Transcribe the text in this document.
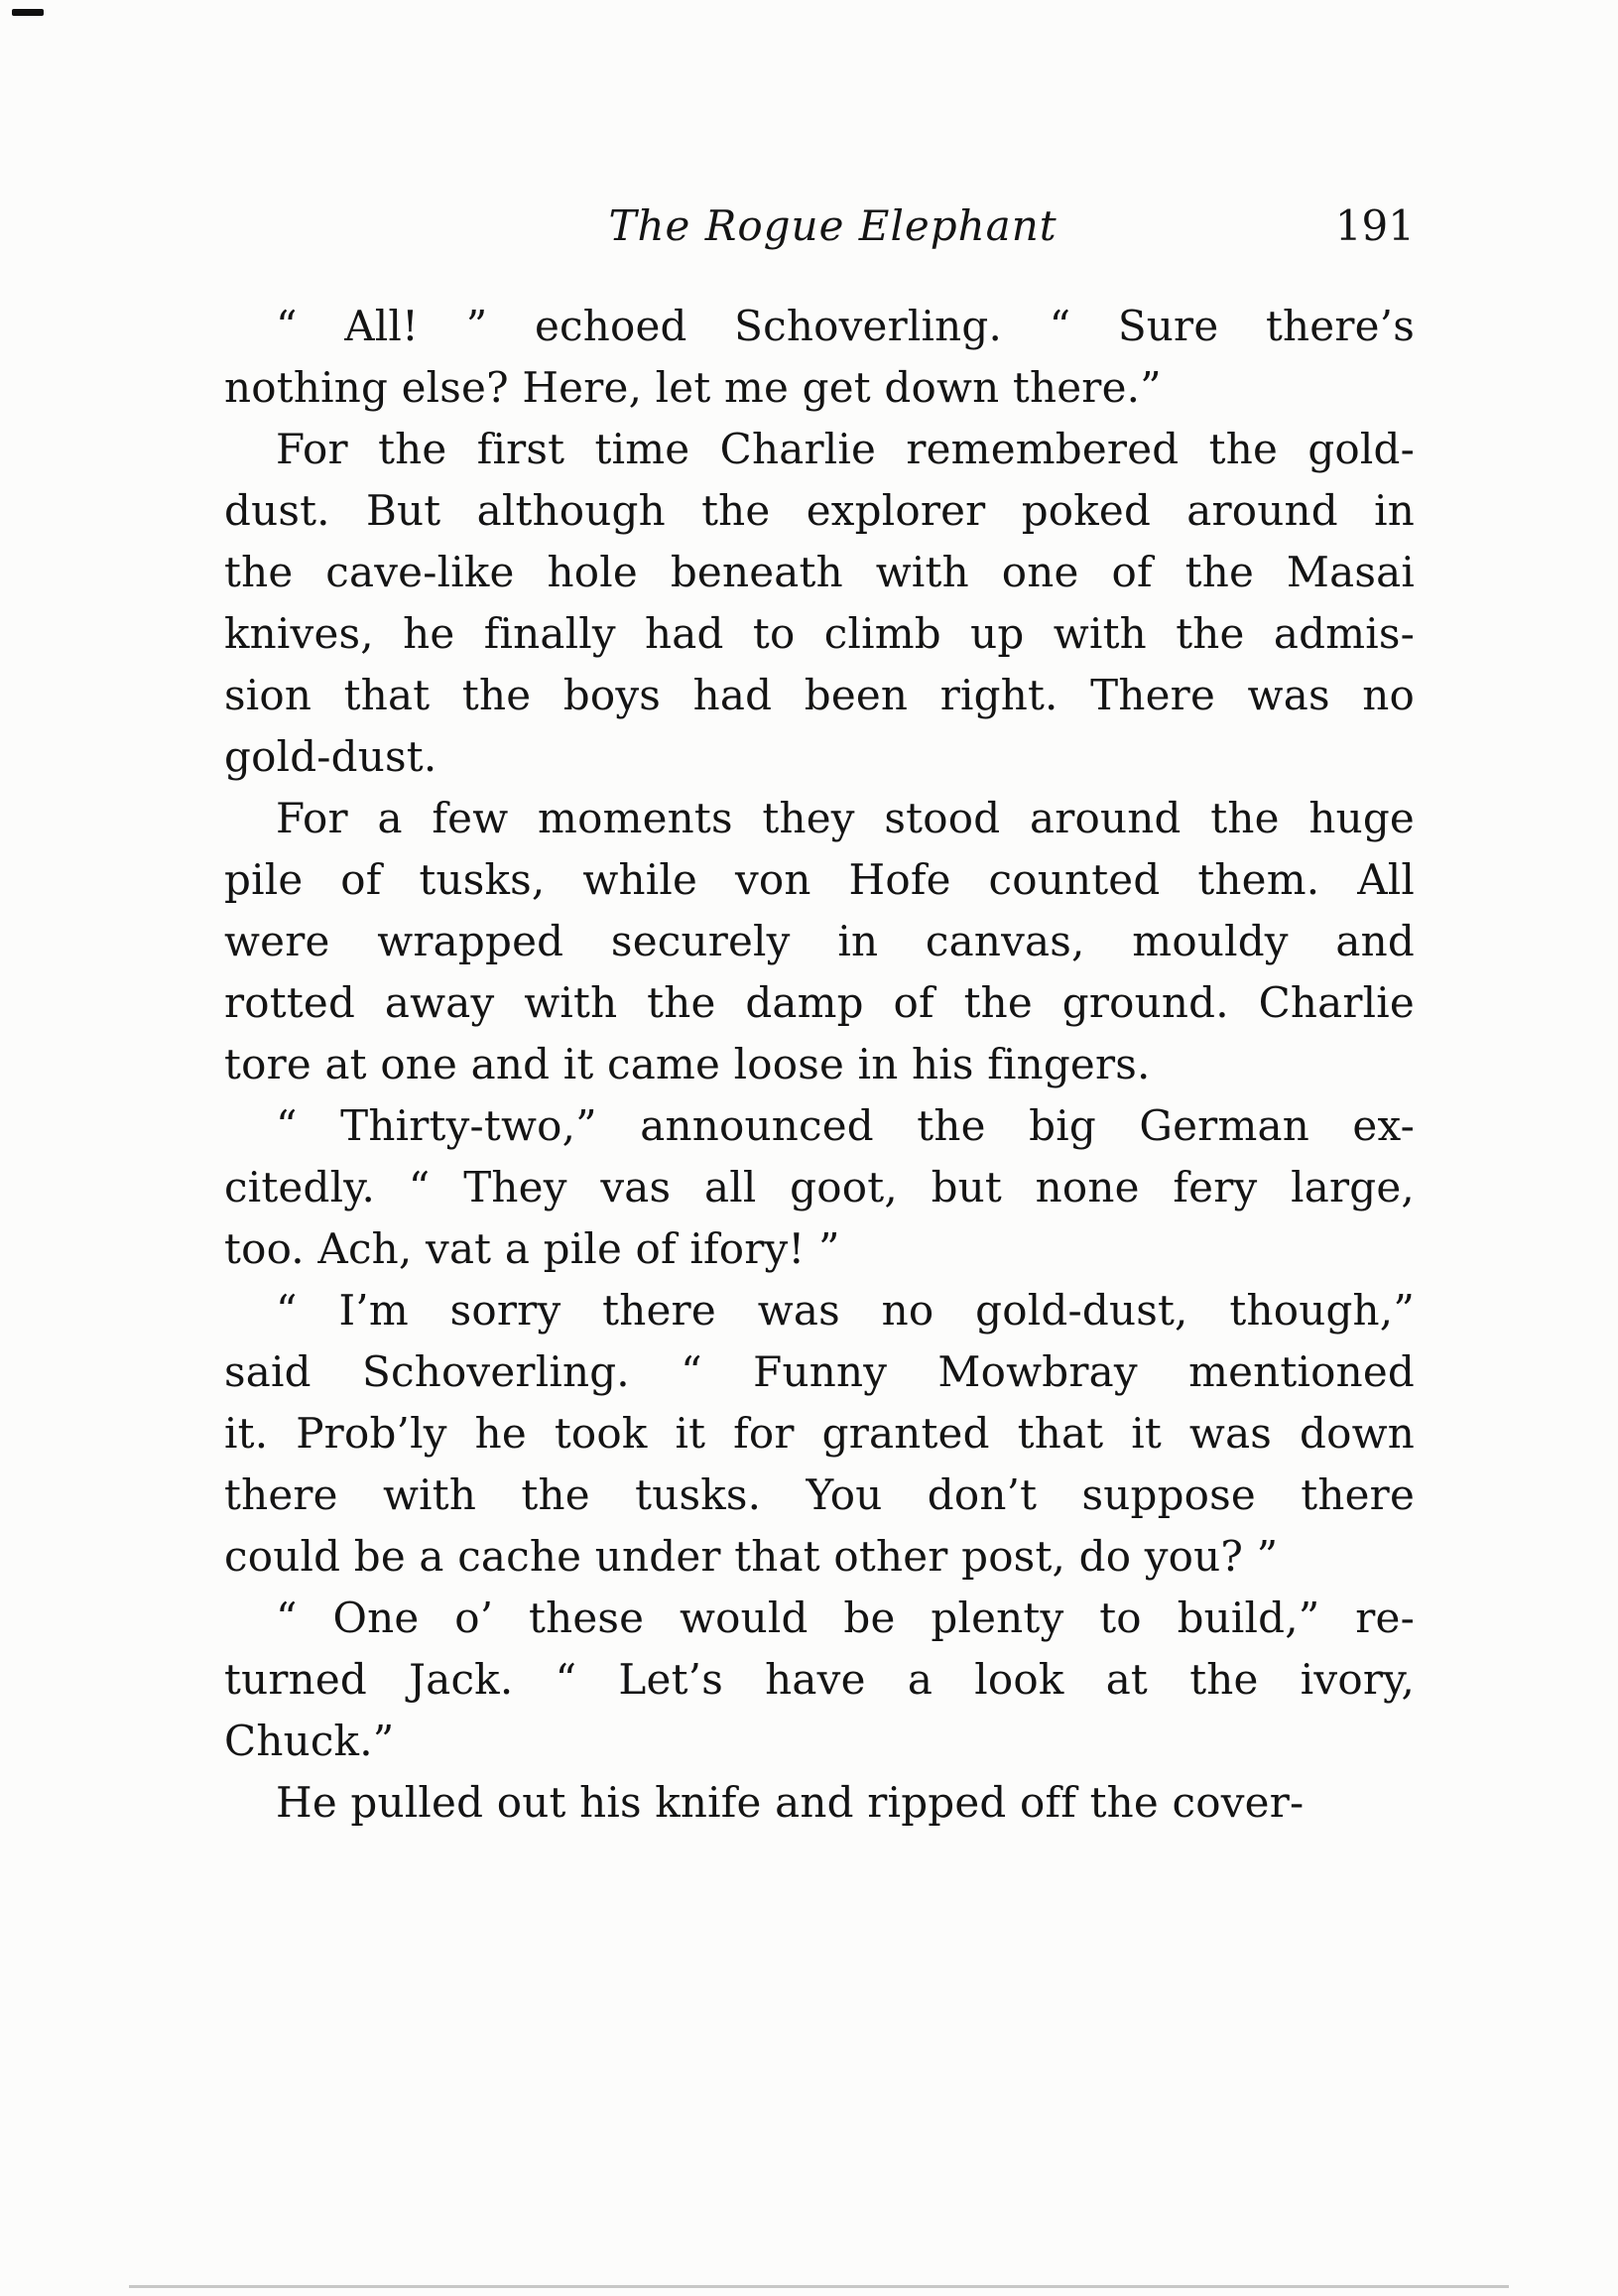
The Rogue Elephant	191
“ All! ” echoed Schoverling. “ Sure there’s
nothing else? Here, let me get down there.”
For the first time Charlie remembered the gold-
dust. But although the explorer poked around in
the cave-like hole beneath with one of the Masai
knives, he finally had to climb up with the admis-
sion that the boys had been right. There was no
gold-dust.
For a few moments they stood around the huge
pile of tusks, while von Hofe counted them. All
were wrapped securely in canvas, mouldy and
rotted away with the damp of the ground. Charlie
tore at one and it came loose in his fingers.
“ Thirty-two,” announced the big German ex-
citedly. “ They vas all goot, but none fery large,
too. Ach, vat a pile of ifory! ”
“ I’m sorry there was no gold-dust, though,”
said Schoverling. “ Funny Mowbray mentioned
it. Prob’ly he took it for granted that it was down
there with the tusks. You don’t suppose there
could be a cache under that other post, do you? ”
“ One o’ these would be plenty to build,” re-
turned Jack. “ Let’s have a look at the ivory,
Chuck.”
He pulled out his knife and ripped off the cover-
